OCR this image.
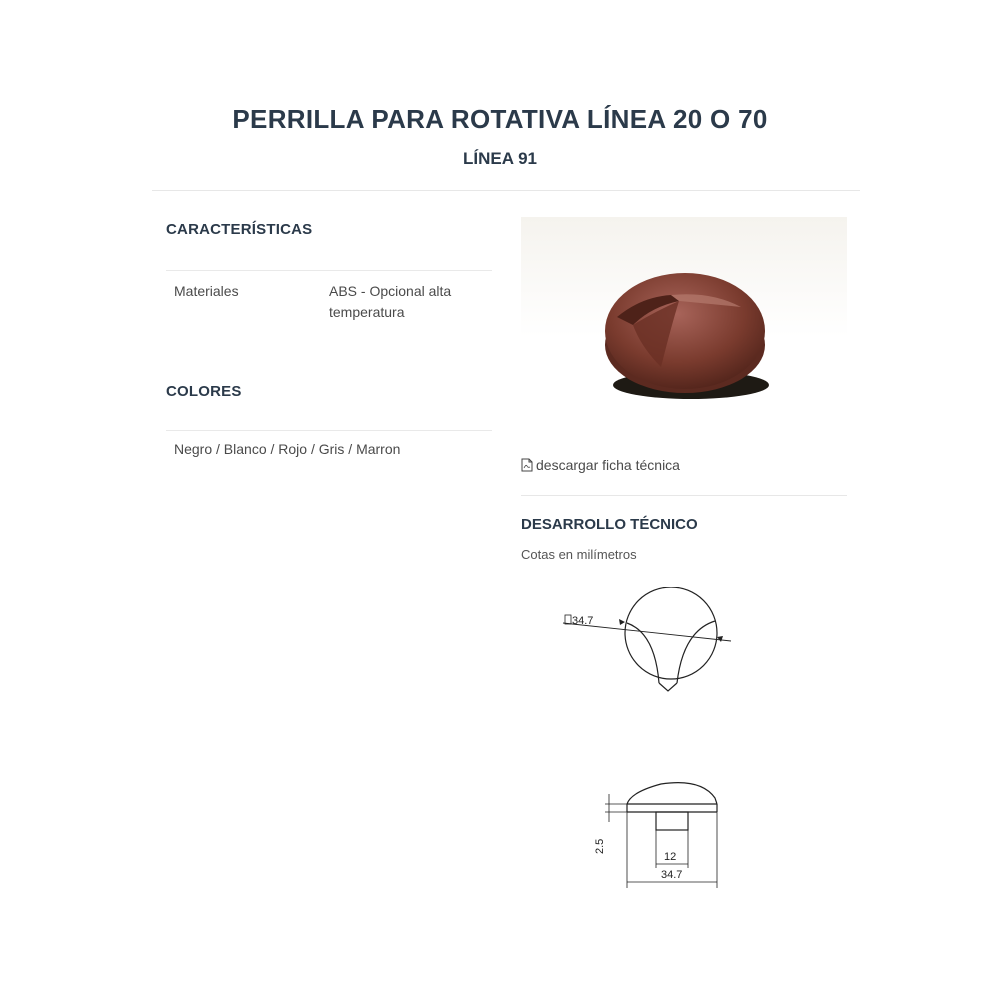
PERRILLA PARA ROTATIVA LÍNEA 20 O 70
LÍNEA 91
CARACTERÍSTICAS
Materiales	ABS - Opcional alta temperatura
COLORES
Negro / Blanco / Rojo / Gris / Marron
descargar ficha técnica
DESARROLLO TÉCNICO
Cotas en milímetros
34.7
2.5
12
34.7
